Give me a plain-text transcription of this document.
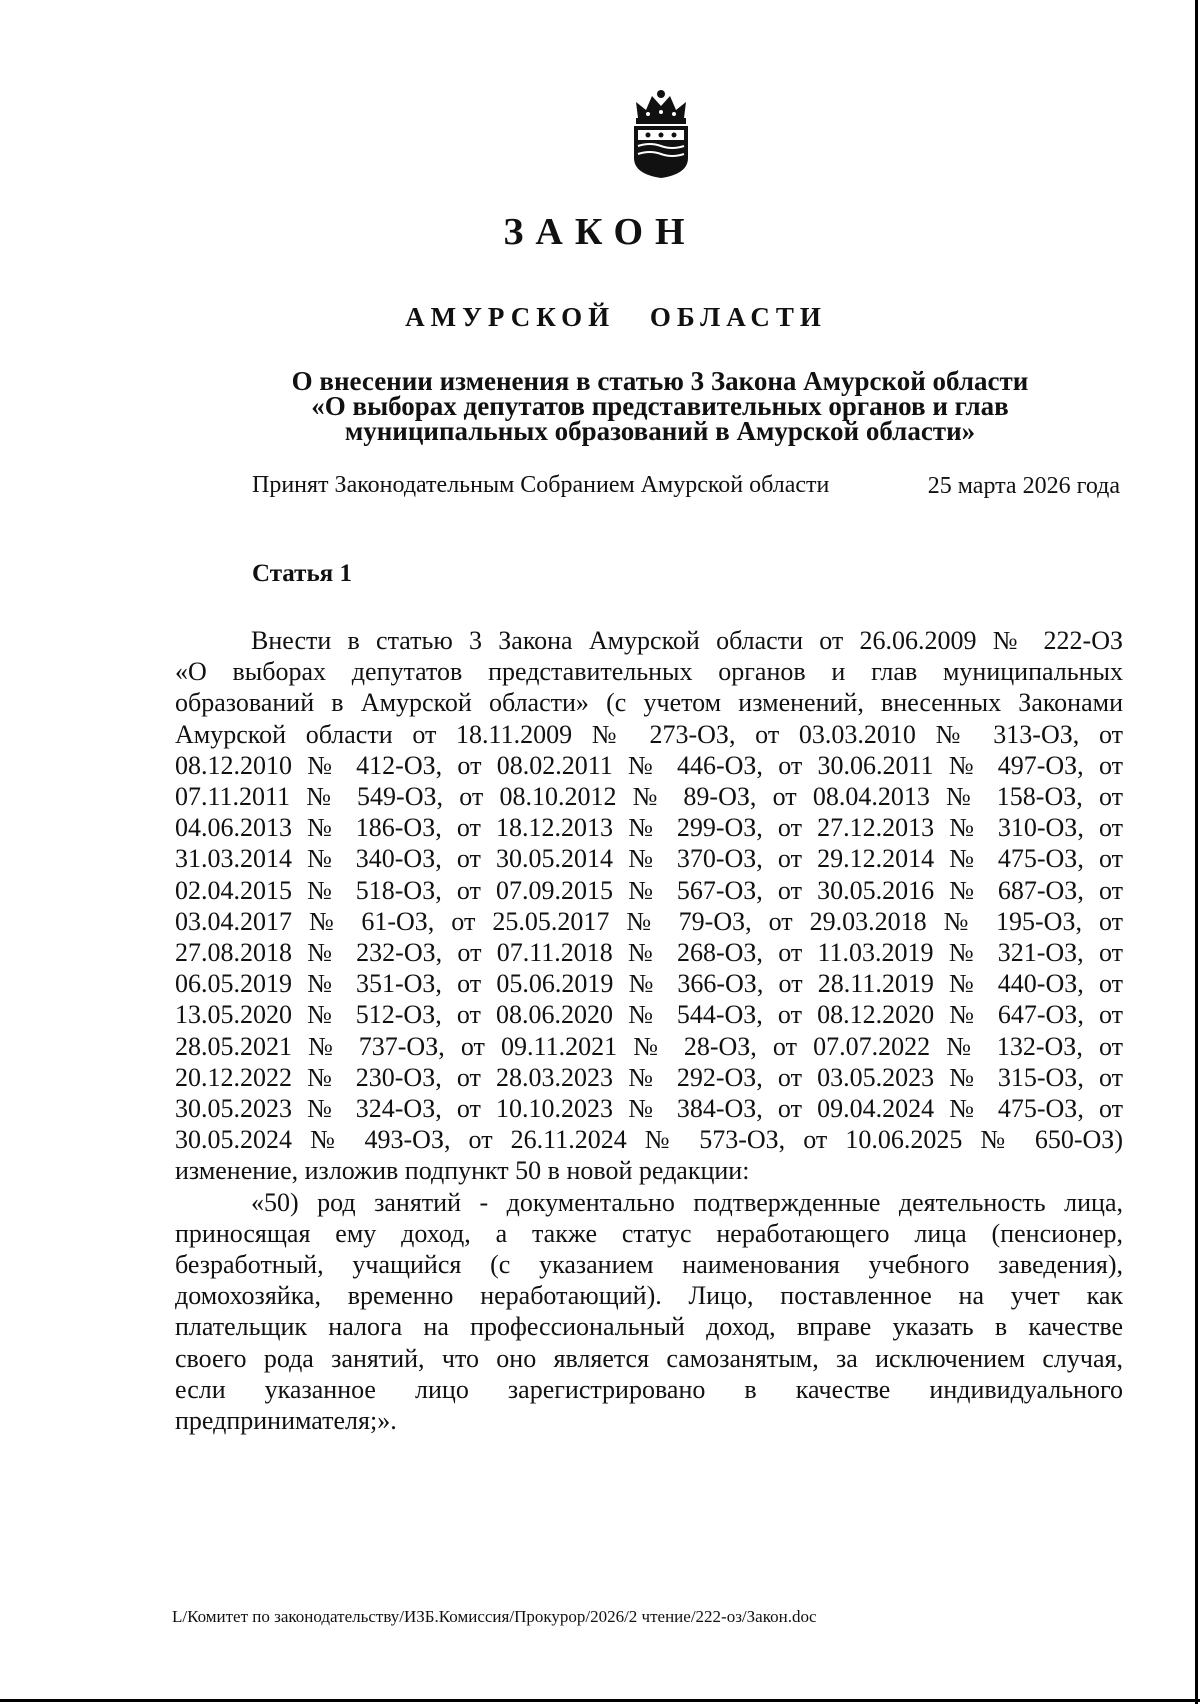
ЗАКОН
АМУРСКОЙ ОБЛАСТИ
О внесении изменения в статью 3 Закона Амурской области
«О выборах депутатов представительных органов и глав
муниципальных образований в Амурской области»
Принят Законодательным Собранием Амурской области	25 марта 2026 года
Статья 1
Внести в статью 3 Закона Амурской области от 26.06.2009 № 222-ОЗ
«О выборах депутатов представительных органов и глав муниципальных
образований в Амурской области» (с учетом изменений, внесенных Законами
Амурской области от 18.11.2009 № 273-ОЗ, от 03.03.2010 № 313-ОЗ, от
08.12.2010 № 412-ОЗ, от 08.02.2011 № 446-ОЗ, от 30.06.2011 № 497-ОЗ, от
07.11.2011 № 549-ОЗ, от 08.10.2012 № 89-ОЗ, от 08.04.2013 № 158-ОЗ, от
04.06.2013 № 186-ОЗ, от 18.12.2013 № 299-ОЗ, от 27.12.2013 № 310-ОЗ, от
31.03.2014 № 340-ОЗ, от 30.05.2014 № 370-ОЗ, от 29.12.2014 № 475-ОЗ, от
02.04.2015 № 518-ОЗ, от 07.09.2015 № 567-ОЗ, от 30.05.2016 № 687-ОЗ, от
03.04.2017 № 61-ОЗ, от 25.05.2017 № 79-ОЗ, от 29.03.2018 № 195-ОЗ, от
27.08.2018 № 232-ОЗ, от 07.11.2018 № 268-ОЗ, от 11.03.2019 № 321-ОЗ, от
06.05.2019 № 351-ОЗ, от 05.06.2019 № 366-ОЗ, от 28.11.2019 № 440-ОЗ, от
13.05.2020 № 512-ОЗ, от 08.06.2020 № 544-ОЗ, от 08.12.2020 № 647-ОЗ, от
28.05.2021 № 737-ОЗ, от 09.11.2021 № 28-ОЗ, от 07.07.2022 № 132-ОЗ, от
20.12.2022 № 230-ОЗ, от 28.03.2023 № 292-ОЗ, от 03.05.2023 № 315-ОЗ, от
30.05.2023 № 324-ОЗ, от 10.10.2023 № 384-ОЗ, от 09.04.2024 № 475-ОЗ, от
30.05.2024 № 493-ОЗ, от 26.11.2024 № 573-ОЗ, от 10.06.2025 № 650-ОЗ)
изменение, изложив подпункт 50 в новой редакции:
«50) род занятий - документально подтвержденные деятельность лица,
приносящая ему доход, а также статус неработающего лица (пенсионер,
безработный, учащийся (с указанием наименования учебного заведения),
домохозяйка, временно неработающий). Лицо, поставленное на учет как
плательщик налога на профессиональный доход, вправе указать в качестве
своего рода занятий, что оно является самозанятым, за исключением случая,
если указанное лицо зарегистрировано в качестве индивидуального
предпринимателя;».
L/Комитет по законодательству/ИЗБ.Комиссия/Прокурор/2026/2 чтение/222-оз/Закон.doc
